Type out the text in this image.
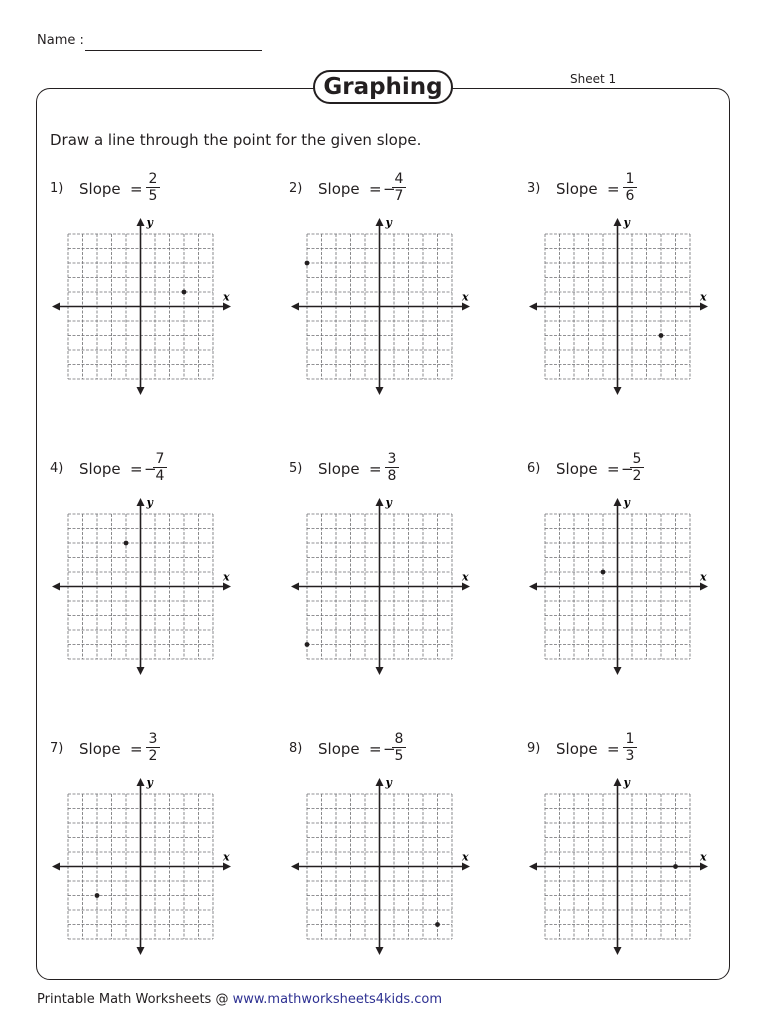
Name :
Graphing	Sheet 1
Draw a line through the point for the given slope.
1) Slope = $\frac{2}{5}$
x
y
2) Slope = −
$\frac{4}{7}$
x
y
3) Slope = $\frac{1}{6}$
x
y
4) Slope = −
$\frac{7}{4}$
x
y
5) Slope = $\frac{3}{8}$
x
y
6) Slope = −
$\frac{5}{2}$
x
y
7) Slope = $\frac{3}{2}$
x
y
8) Slope = −
$\frac{8}{5}$
x
y
9) Slope = $\frac{1}{3}$
x
y
Printable Math Worksheets @ www.mathworksheets4kids.com
